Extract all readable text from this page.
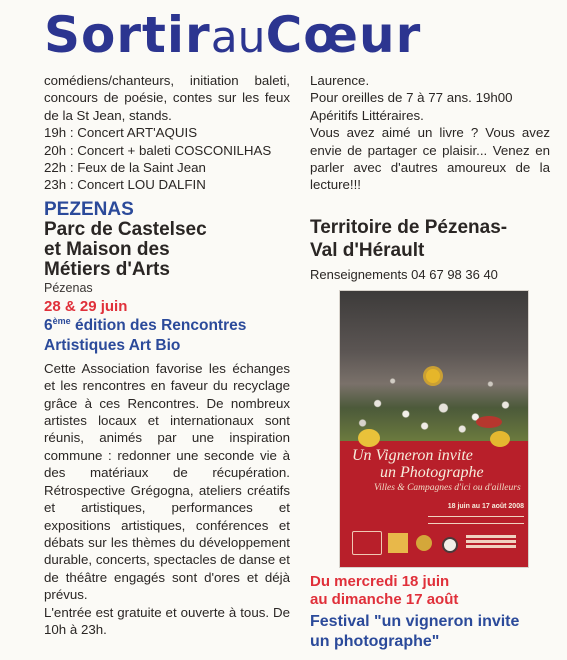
SortirauCœur

comédiens/chanteurs, initiation baleti, concours de poésie, contes sur les feux de la St Jean, stands.

19h : Concert ART'AQUIS

20h : Concert + baleti COSCONILHAS

22h : Feux de la Saint Jean

23h : Concert LOU DALFIN

PEZENAS

Parc de Castelsec

et Maison des

Métiers d'Arts

Pézenas

28 & 29 juin

6ème édition des Rencontres

Artistiques Art Bio

Cette Association favorise les échanges et les rencontres en faveur du recyclage grâce à ces Rencontres. De nombreux artistes locaux et internationaux sont réunis, animés par une inspiration commune : redonner une seconde vie à des matériaux de récupération. Rétrospective Grégogna, ateliers créatifs et artistiques, performances et expositions artistiques, conférences et débats sur les thèmes du développement durable, concerts, spectacles de danse et de théâtre engagés sont d'ores et déjà prévus.

L'entrée est gratuite et ouverte à tous. De 10h à 23h.

Laurence.

Pour oreilles de 7 à 77 ans. 19h00

Apéritifs Littéraires.

Vous avez aimé un livre ? Vous avez envie de partager ce plaisir... Venez en parler avec d'autres amoureux de la lecture!!!

Territoire de Pézenas-

Val d'Hérault

Renseignements 04 67 98 36 40

Un Vigneron invite
un Photographe
Villes & Campagnes d'ici ou d'ailleurs
18 juin au 17 août 2008

Du mercredi 18 juin

au dimanche 17 août

Festival "un vigneron invite

un photographe"
